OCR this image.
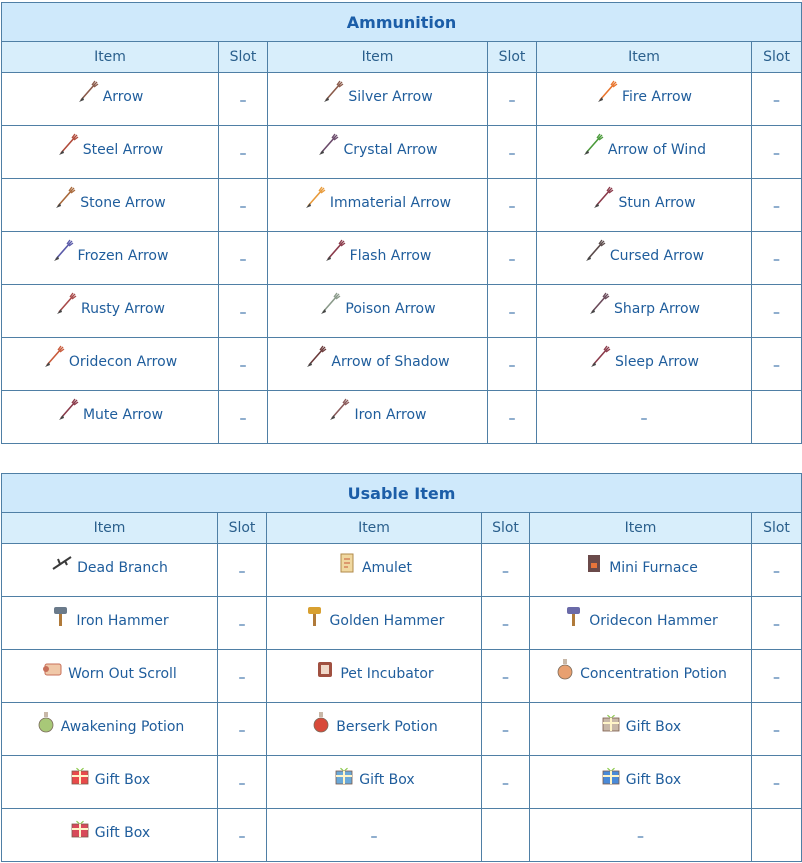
Ammunition					
Item	Slot	Item	Slot	Item	Slot

Arrow	–	Silver Arrow	–	Fire Arrow	–

Steel Arrow	–	Crystal Arrow	–	Arrow of Wind	–

Stone Arrow	–	Immaterial Arrow	–	Stun Arrow	–

Frozen Arrow	–	Flash Arrow	–	Cursed Arrow	–

Rusty Arrow	–	Poison Arrow	–	Sharp Arrow	–

Oridecon Arrow	–	Arrow of Shadow	–	Sleep Arrow	–

Mute Arrow	–	Iron Arrow	–	–	
Usable Item					
Item	Slot	Item	Slot	Item	Slot

Dead Branch	–	Amulet	–	Mini Furnace	–

Iron Hammer	–	Golden Hammer	–	Oridecon Hammer	–

Worn Out Scroll	–	Pet Incubator	–	Concentration Potion	–

Awakening Potion	–	Berserk Potion	–	Gift Box	–

Gift Box	–	Gift Box	–	Gift Box	–

Gift Box	–	–		–	
